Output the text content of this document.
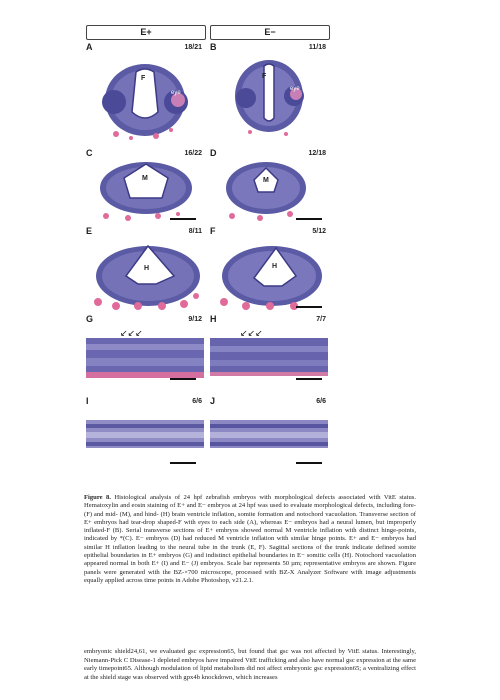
E+	E−
A	18/21 B	11/18
F
eye
F
eye
C	16/22 D	12/18
M	M
E	8/11 F	5/12
H	H
G	9/12 H	7/7
↙↙↙	↙↙↙
I	6/6 J	6/6
Figure 8. Histological analysis of 24 hpf zebrafish embryos with morphological defects associated with VitE status. Hematoxylin and eosin staining of E+ and E− embryos at 24 hpf was used to evaluate morphological defects, including fore- (F) and mid- (M), and hind- (H) brain ventricle inflation, somite formation and notochord vacuolation. Transverse section of E+ embryos had tear-drop shaped-F with eyes to each side (A), whereas E− embryos had a neural lumen, but improperly inflated-F (B). Serial transverse sections of E+ embryos showed normal M ventricle inflation with distinct hinge-points, indicated by *(C). E− embryos (D) had reduced M ventricle inflation with similar hinge points. E+ and E− embryos had similar H inflation leading to the neural tube in the trunk (E, F). Sagittal sections of the trunk indicate defined somite epithelial boundaries in E+ embryos (G) and indistinct epithelial boundaries in E− somitic cells (H). Notochord vacuolation appeared normal in both E+ (I) and E− (J) embryos. Scale bar represents 50 µm; representative embryos are shown. Figure panels were generated with the BZ-×700 microscope, processed with BZ-X Analyzer Software with image adjustments equally applied across time points in Adobe Photoshop, v21.2.1.
embryonic shield24,61, we evaluated gsc expression65, but found that gsc was not affected by VitE status. Interestingly, Niemann-Pick C Disease-1 depleted embryos have impaired VitE trafficking and also have normal gsc expression at the same early timepoint65. Although modulation of lipid metabolism did not affect embryonic gsc expression65; a ventralizing effect at the shield stage was observed with gpx4b knockdown, which increases
